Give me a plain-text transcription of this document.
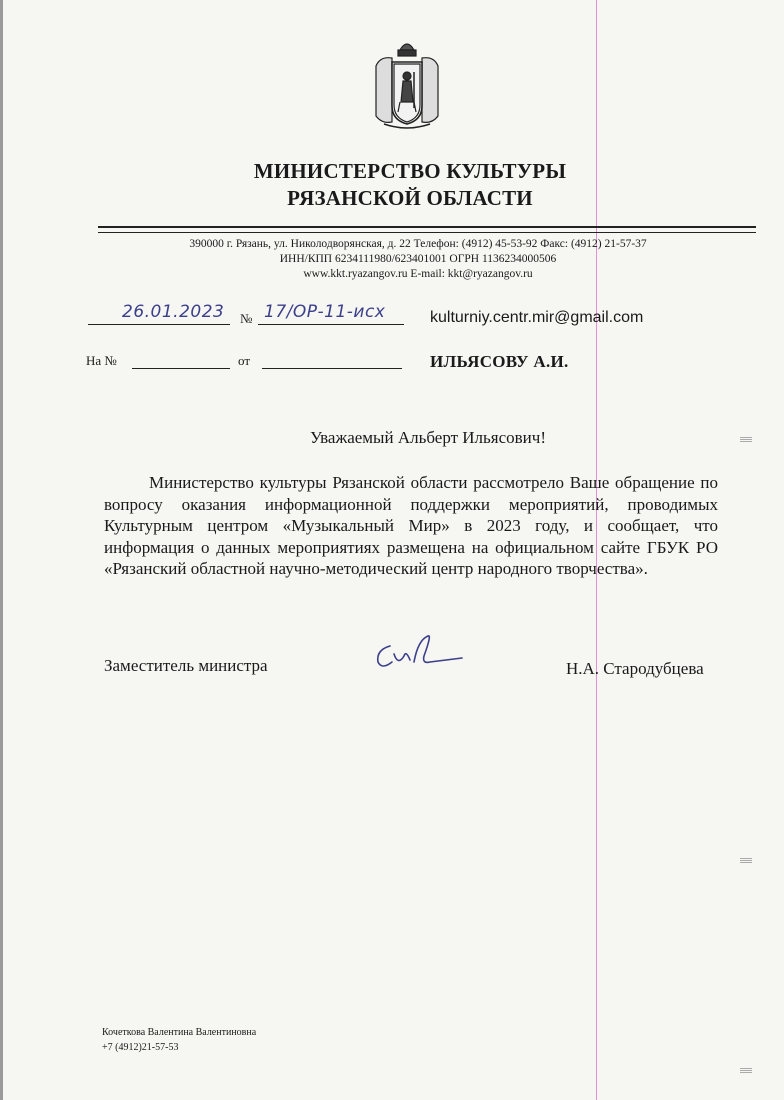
МИНИСТЕРСТВО КУЛЬТУРЫ
РЯЗАНСКОЙ ОБЛАСТИ
390000 г. Рязань, ул. Николодворянская, д. 22 Телефон: (4912) 45-53-92 Факс: (4912) 21-57-37
ИНН/КПП 6234111980/623401001 ОГРН 1136234000506
www.kkt.ryazangov.ru E-mail: kkt@ryazangov.ru
26.01.2023 № 17/ОР-11-исх
На №	от
kulturniy.centr.mir@gmail.com
ИЛЬЯСОВУ А.И.
Уважаемый Альберт Ильясович!

Министерство культуры Рязанской области рассмотрело Ваше обращение по вопросу оказания информационной поддержки мероприятий, проводимых Культурным центром «Музыкальный Мир» в 2023 году, и сообщает, что информация о данных мероприятиях размещена на официальном сайте ГБУК РО «Рязанский областной научно-методический центр народного творчества».

Заместитель министра	Н.А. Стародубцева
Кочеткова Валентина Валентиновна
+7 (4912)21-57-53
